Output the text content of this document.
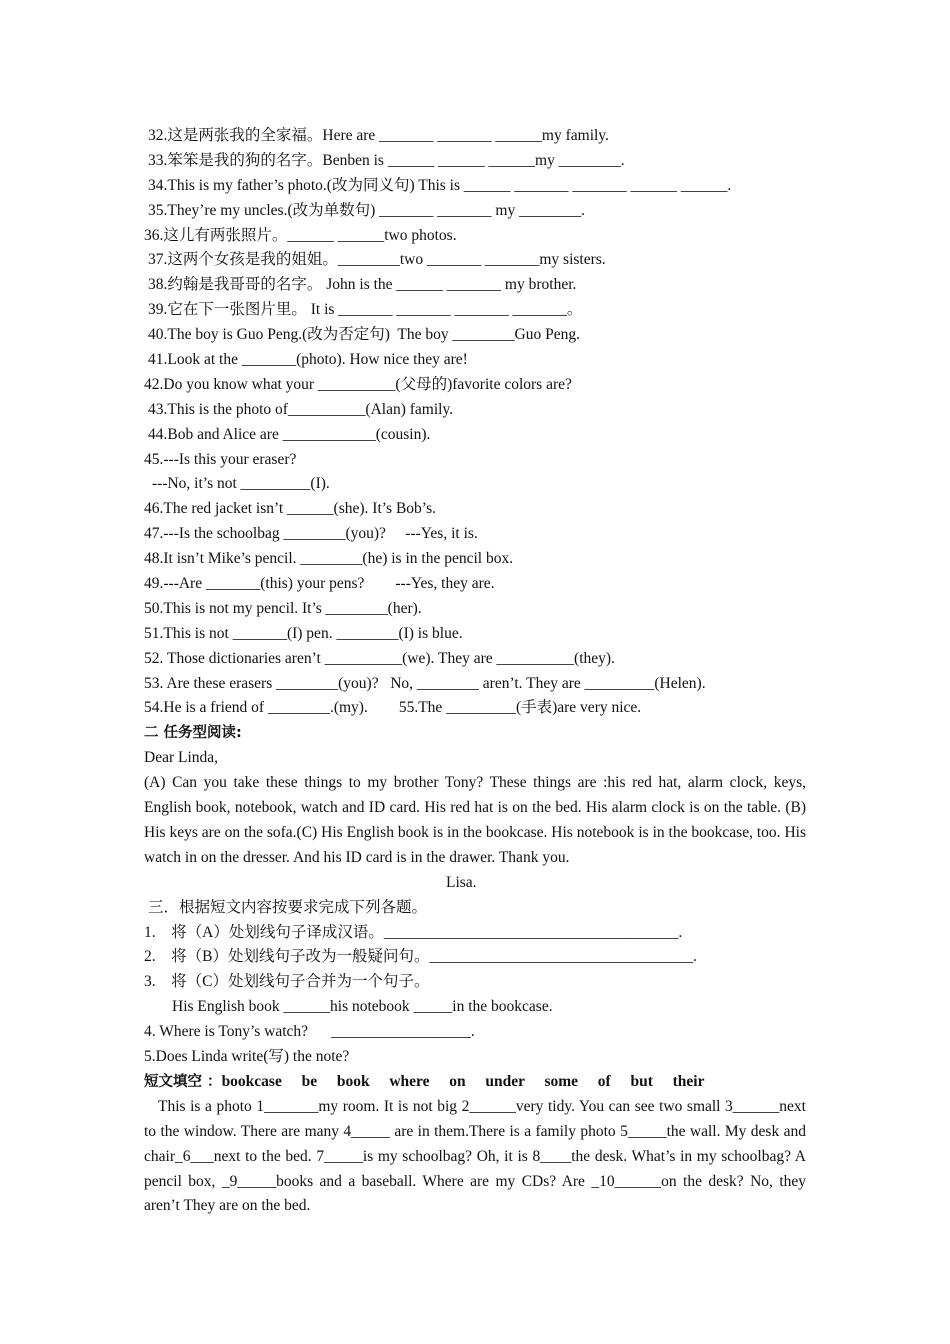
32.这是两张我的全家福。Here are _______ _______ ______my family.
33.笨笨是我的狗的名字。Benben is ______ ______ ______my ________.
34.This is my father’s photo.(改为同义句) This is ______ _______ _______ ______ ______.
35.They’re my uncles.(改为单数句) _______ _______ my ________.
36.这儿有两张照片。______ ______two photos.
37.这两个女孩是我的姐姐。________two _______ _______my sisters.
38.约翰是我哥哥的名字。 John is the ______ _______ my brother.
39.它在下一张图片里。 It is _______ _______ _______ _______。
40.The boy is Guo Peng.(改为否定句)  The boy ________Guo Peng.
41.Look at the _______(photo). How nice they are!
42.Do you know what your __________(父母的)favorite colors are?
43.This is the photo of__________(Alan) family.
44.Bob and Alice are ____________(cousin).
45.---Is this your eraser?
---No, it’s not _________(I).
46.The red jacket isn’t ______(she). It’s Bob’s.
47.---Is the schoolbag ________(you)?     ---Yes, it is.
48.It isn’t Mike’s pencil. ________(he) is in the pencil box.
49.---Are _______(this) your pens?        ---Yes, they are.
50.This is not my pencil. It’s ________(her).
51.This is not _______(I) pen. ________(I) is blue.
52. Those dictionaries aren’t __________(we). They are __________(they).
53. Are these erasers ________(you)?   No, ________ aren’t. They are _________(Helen).
54.He is a friend of ________.(my).        55.The _________(手表)are very nice.
二 任务型阅读:
Dear Linda,

(A) Can you take these things to my brother Tony? These things are :his red hat, alarm clock, keys, English book, notebook, watch and ID card. His red hat is on the bed. His alarm clock is on the table. (B) His keys are on the sofa.(C) His English book is in the bookcase. His notebook is in the bookcase, too. His watch in on the dresser. And his ID card is in the drawer. Thank you.

Lisa.
三．根据短文内容按要求完成下列各题。
1.    将（A）处划线句子译成汉语。______________________________________.
2.    将（B）处划线句子改为一般疑问句。__________________________________.
3.    将（C）处划线句子合并为一个句子。
His English book ______his notebook _____in the bookcase.
4. Where is Tony’s watch?      __________________.
5.Does Linda write(写) the note?
短文填空 ：bookcase  be  book  where  on  under  some  of  but  their

This is a photo 1_______my room. It is not big 2______very tidy. You can see two small 3______next to the window. There are many 4_____ are in them.There is a family photo 5_____the wall. My desk and chair_6___next to the bed. 7_____is my schoolbag? Oh, it is 8____the desk. What’s in my schoolbag? A pencil box, _9_____books and a baseball. Where are my CDs? Are _10______on the desk? No, they aren’t They are on the bed.
